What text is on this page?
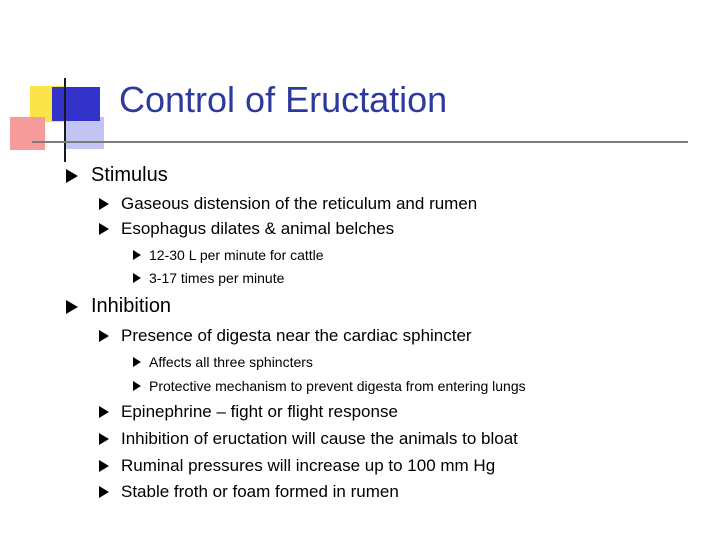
Control of Eructation
Stimulus
Gaseous distension of the reticulum and rumen
Esophagus dilates & animal belches
12-30 L per minute for cattle
3-17 times per minute
Inhibition
Presence of digesta near the cardiac sphincter
Affects all three sphincters
Protective mechanism to prevent digesta from entering lungs
Epinephrine – fight or flight response
Inhibition of eructation will cause the animals to bloat
Ruminal pressures will increase up to 100 mm Hg
Stable froth or foam formed in rumen
